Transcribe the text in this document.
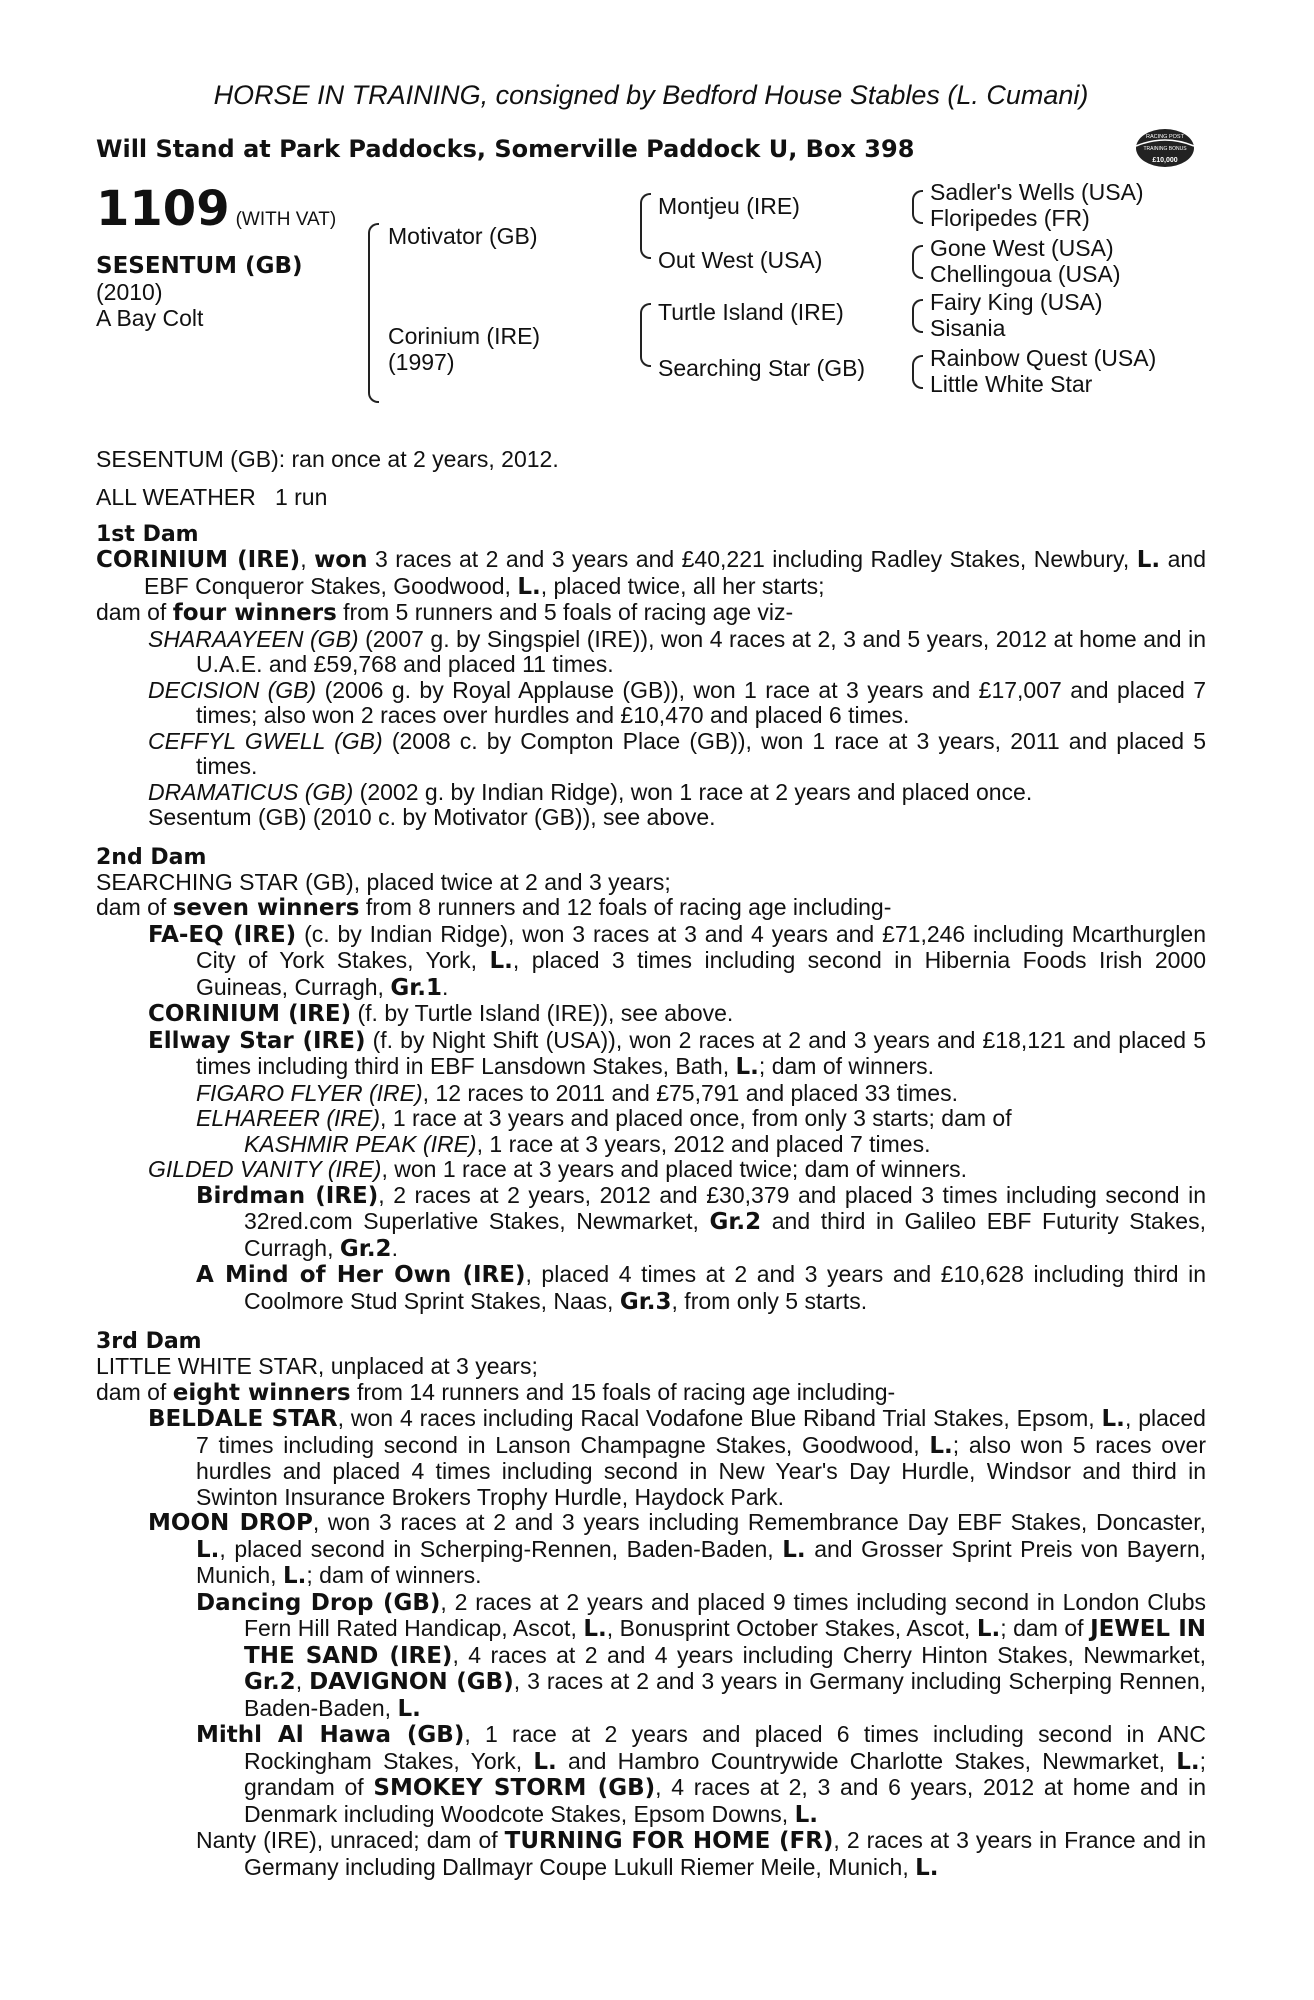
HORSE IN TRAINING, consigned by Bedford House Stables (L. Cumani)
Will Stand at Park Paddocks, Somerville Paddock U, Box 398	RACING POST
TRAINING BONUS
£10,000
1109 (WITH VAT)
SESENTUM (GB)
(2010)
A Bay Colt
Motivator (GB)
Corinium (IRE)
(1997)
Montjeu (IRE)
Out West (USA)
Turtle Island (IRE)
Searching Star (GB)
Sadler's Wells (USA)
Floripedes (FR)
Gone West (USA)
Chellingoua (USA)
Fairy King (USA)
Sisania
Rainbow Quest (USA)
Little White Star
SESENTUM (GB): ran once at 2 years, 2012.
ALL WEATHER 1 run
1st Dam

CORINIUM (IRE), won 3 races at 2 and 3 years and £40,221 including Radley Stakes, Newbury, L. and EBF Conqueror Stakes, Goodwood, L., placed twice, all her starts;

dam of four winners from 5 runners and 5 foals of racing age viz-

SHARAAYEEN (GB) (2007 g. by Singspiel (IRE)), won 4 races at 2, 3 and 5 years, 2012 at home and in U.A.E. and £59,768 and placed 11 times.

DECISION (GB) (2006 g. by Royal Applause (GB)), won 1 race at 3 years and £17,007 and placed 7 times; also won 2 races over hurdles and £10,470 and placed 6 times.

CEFFYL GWELL (GB) (2008 c. by Compton Place (GB)), won 1 race at 3 years, 2011 and placed 5 times.

DRAMATICUS (GB) (2002 g. by Indian Ridge), won 1 race at 2 years and placed once.

Sesentum (GB) (2010 c. by Motivator (GB)), see above.

2nd Dam

SEARCHING STAR (GB), placed twice at 2 and 3 years;

dam of seven winners from 8 runners and 12 foals of racing age including-

FA-EQ (IRE) (c. by Indian Ridge), won 3 races at 3 and 4 years and £71,246 including Mcarthurglen City of York Stakes, York, L., placed 3 times including second in Hibernia Foods Irish 2000 Guineas, Curragh, Gr.1.

CORINIUM (IRE) (f. by Turtle Island (IRE)), see above.

Ellway Star (IRE) (f. by Night Shift (USA)), won 2 races at 2 and 3 years and £18,121 and placed 5 times including third in EBF Lansdown Stakes, Bath, L.; dam of winners.

FIGARO FLYER (IRE), 12 races to 2011 and £75,791 and placed 33 times.

ELHAREER (IRE), 1 race at 3 years and placed once, from only 3 starts; dam of

KASHMIR PEAK (IRE), 1 race at 3 years, 2012 and placed 7 times.

GILDED VANITY (IRE), won 1 race at 3 years and placed twice; dam of winners.

Birdman (IRE), 2 races at 2 years, 2012 and £30,379 and placed 3 times including second in 32red.com Superlative Stakes, Newmarket, Gr.2 and third in Galileo EBF Futurity Stakes, Curragh, Gr.2.

A Mind of Her Own (IRE), placed 4 times at 2 and 3 years and £10,628 including third in Coolmore Stud Sprint Stakes, Naas, Gr.3, from only 5 starts.

3rd Dam

LITTLE WHITE STAR, unplaced at 3 years;

dam of eight winners from 14 runners and 15 foals of racing age including-

BELDALE STAR, won 4 races including Racal Vodafone Blue Riband Trial Stakes, Epsom, L., placed 7 times including second in Lanson Champagne Stakes, Goodwood, L.; also won 5 races over hurdles and placed 4 times including second in New Year's Day Hurdle, Windsor and third in Swinton Insurance Brokers Trophy Hurdle, Haydock Park.

MOON DROP, won 3 races at 2 and 3 years including Remembrance Day EBF Stakes, Doncaster, L., placed second in Scherping-Rennen, Baden-Baden, L. and Grosser Sprint Preis von Bayern, Munich, L.; dam of winners.

Dancing Drop (GB), 2 races at 2 years and placed 9 times including second in London Clubs Fern Hill Rated Handicap, Ascot, L., Bonusprint October Stakes, Ascot, L.; dam of JEWEL IN THE SAND (IRE), 4 races at 2 and 4 years including Cherry Hinton Stakes, Newmarket, Gr.2, DAVIGNON (GB), 3 races at 2 and 3 years in Germany including Scherping Rennen, Baden-Baden, L.

Mithl Al Hawa (GB), 1 race at 2 years and placed 6 times including second in ANC Rockingham Stakes, York, L. and Hambro Countrywide Charlotte Stakes, Newmarket, L.; grandam of SMOKEY STORM (GB), 4 races at 2, 3 and 6 years, 2012 at home and in Denmark including Woodcote Stakes, Epsom Downs, L.

Nanty (IRE), unraced; dam of TURNING FOR HOME (FR), 2 races at 3 years in France and in Germany including Dallmayr Coupe Lukull Riemer Meile, Munich, L.
